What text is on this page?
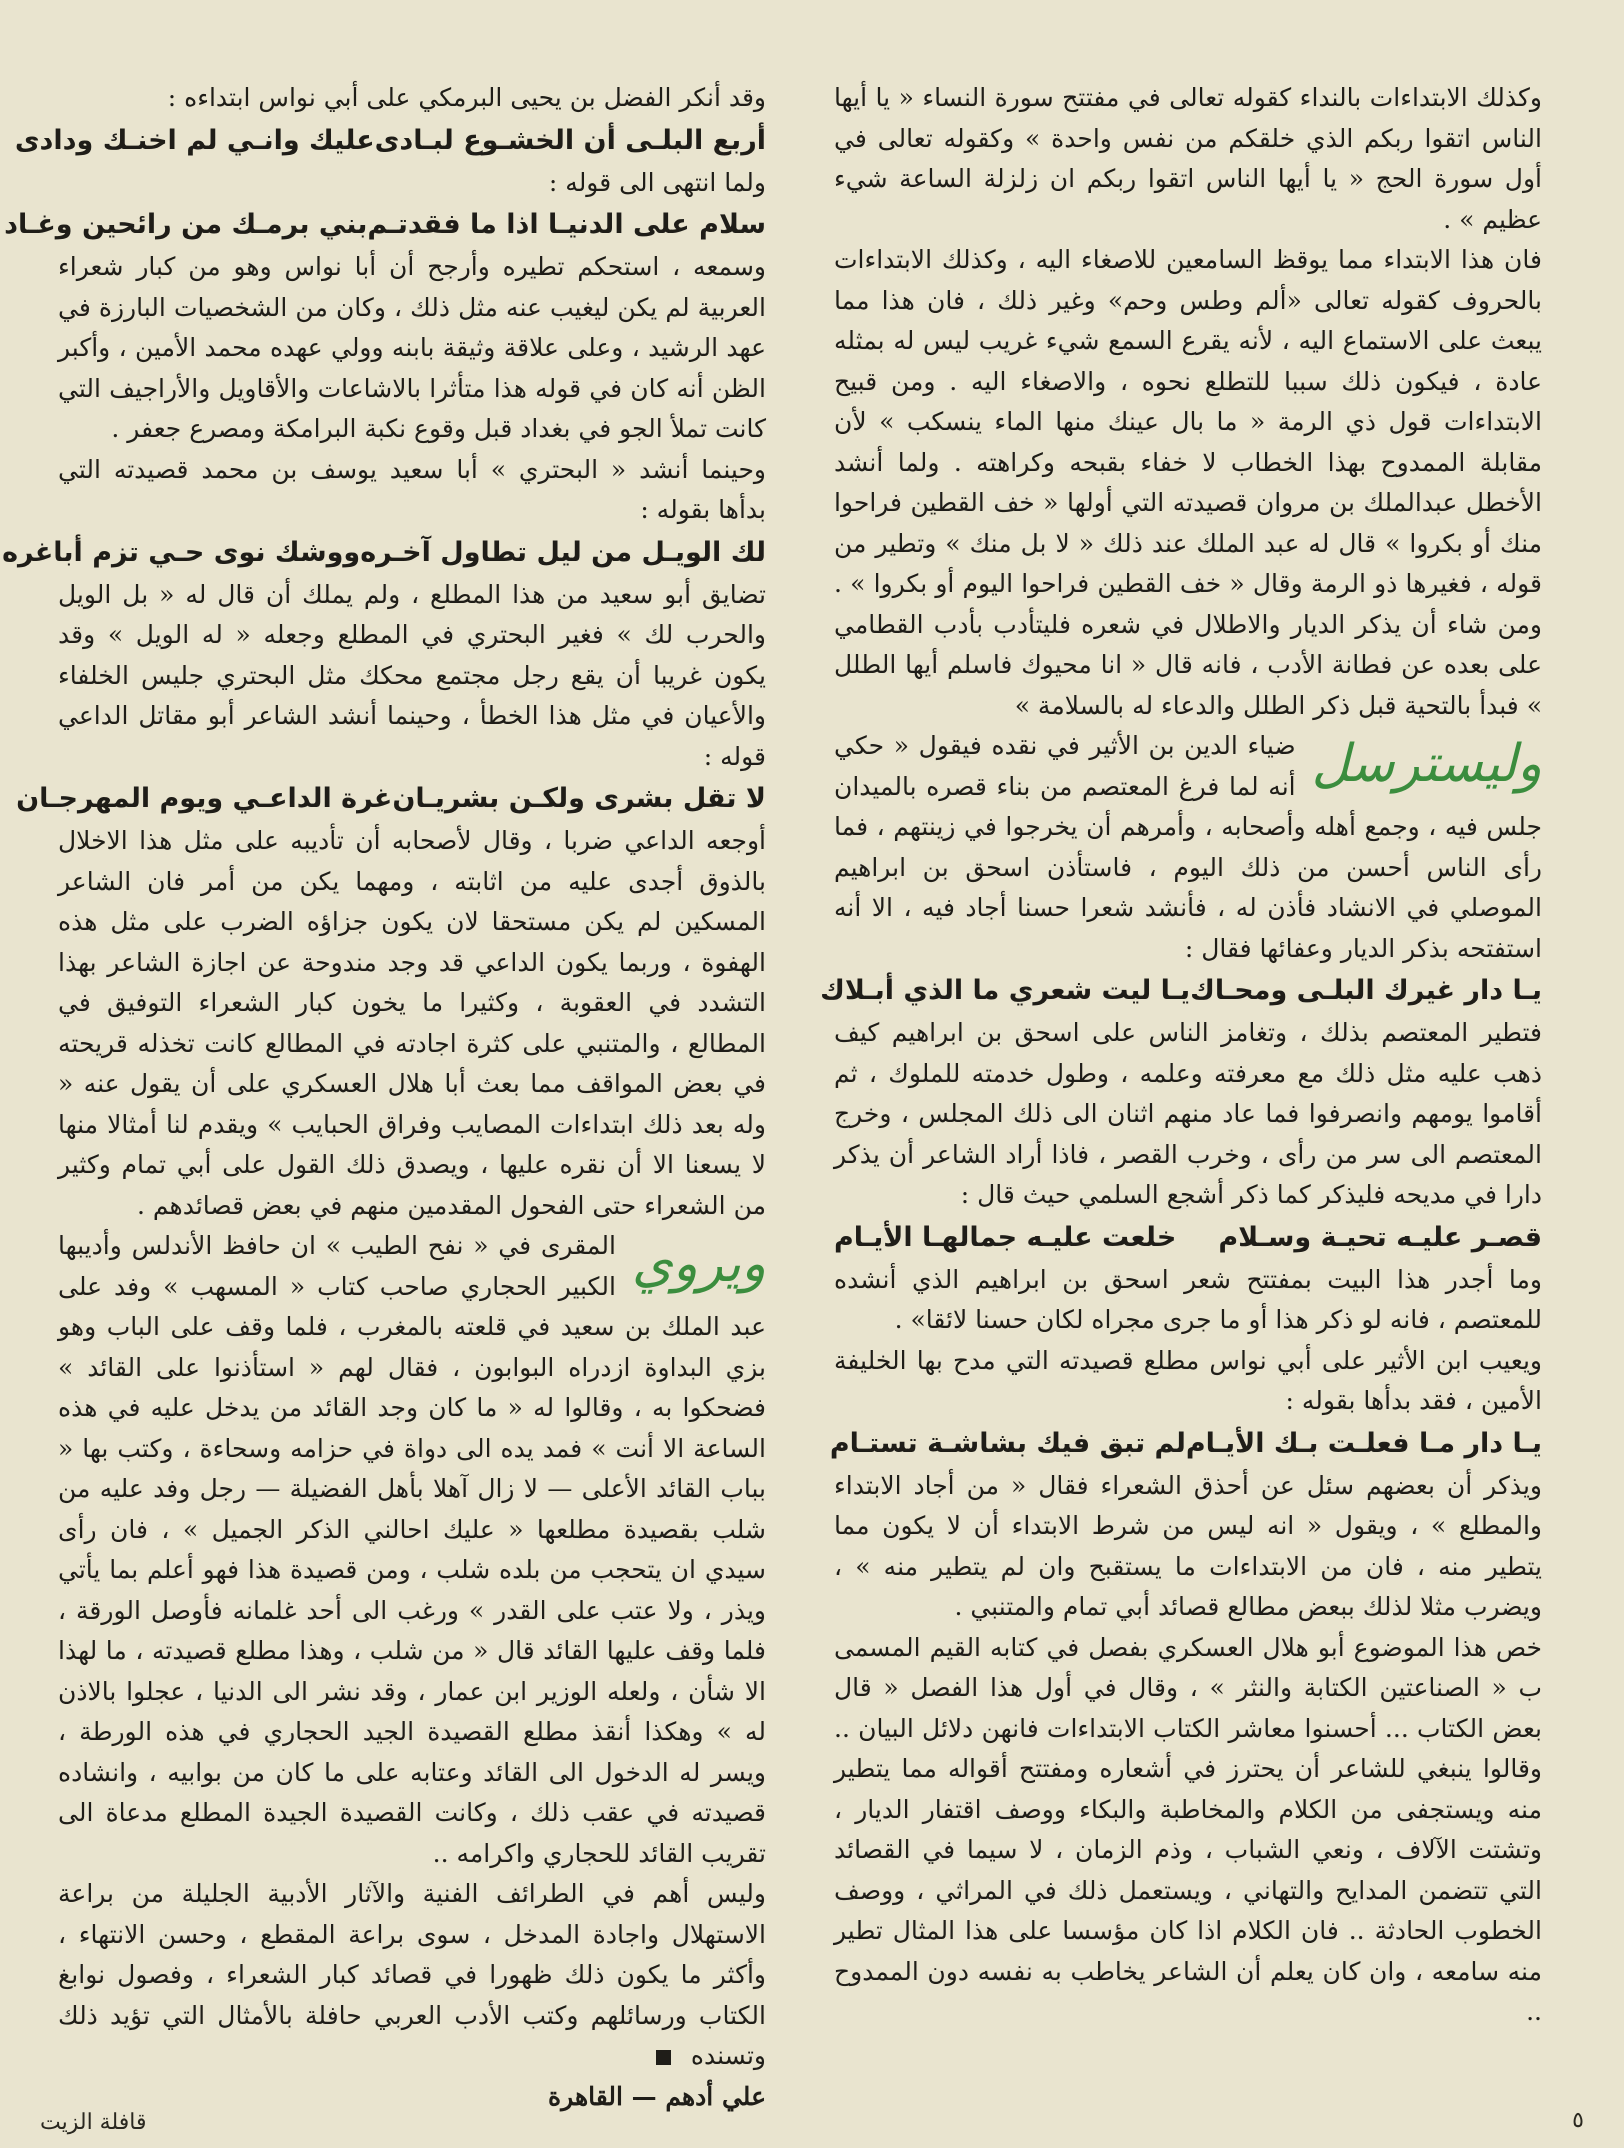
وكذلك الابتداءات بالنداء كقوله تعالى في مفتتح سورة النساء « يا أيها الناس اتقوا ربكم الذي خلقكم من نفس واحدة » وكقوله تعالى في أول سورة الحج « يا أيها الناس اتقوا ربكم ان زلزلة الساعة شيء عظيم » .

فان هذا الابتداء مما يوقظ السامعين للاصغاء اليه ، وكذلك الابتداءات بالحروف كقوله تعالى «ألم وطس وحم» وغير ذلك ، فان هذا مما يبعث على الاستماع اليه ، لأنه يقرع السمع شيء غريب ليس له بمثله عادة ، فيكون ذلك سببا للتطلع نحوه ، والاصغاء اليه . ومن قبيح الابتداءات قول ذي الرمة « ما بال عينك منها الماء ينسكب » لأن مقابلة الممدوح بهذا الخطاب لا خفاء بقبحه وكراهته . ولما أنشد الأخطل عبدالملك بن مروان قصيدته التي أولها « خف القطين فراحوا منك أو بكروا » قال له عبد الملك عند ذلك « لا بل منك » وتطير من قوله ، فغيرها ذو الرمة وقال « خف القطين فراحوا اليوم أو بكروا » . ومن شاء أن يذكر الديار والاطلال في شعره فليتأدب بأدب القطامي على بعده عن فطانة الأدب ، فانه قال « انا محيوك فاسلم أيها الطلل » فبدأ بالتحية قبل ذكر الطلل والدعاء له بالسلامة »

وليسترسل

ضياء الدين بن الأثير في نقده فيقول « حكي أنه لما فرغ المعتصم من بناء قصره بالميدان جلس فيه ، وجمع أهله وأصحابه ، وأمرهم أن يخرجوا في زينتهم ، فما رأى الناس أحسن من ذلك اليوم ، فاستأذن اسحق بن ابراهيم الموصلي في الانشاد فأذن له ، فأنشد شعرا حسنا أجاد فيه ، الا أنه استفتحه بذكر الديار وعفائها فقال :

يـا دار غيرك البلـى ومحـاك
يـا ليت شعري ما الذي أبـلاك

فتطير المعتصم بذلك ، وتغامز الناس على اسحق بن ابراهيم كيف ذهب عليه مثل ذلك مع معرفته وعلمه ، وطول خدمته للملوك ، ثم أقاموا يومهم وانصرفوا فما عاد منهم اثنان الى ذلك المجلس ، وخرج المعتصم الى سر من رأى ، وخرب القصر ، فاذا أراد الشاعر أن يذكر دارا في مديحه فليذكر كما ذكر أشجع السلمي حيث قال :

قصـر عليـه تحيـة وسـلام
خلعت عليـه جمالهـا الأيـام

وما أجدر هذا البيت بمفتتح شعر اسحق بن ابراهيم الذي أنشده للمعتصم ، فانه لو ذكر هذا أو ما جرى مجراه لكان حسنا لائقا» .

ويعيب ابن الأثير على أبي نواس مطلع قصيدته التي مدح بها الخليفة الأمين ، فقد بدأها بقوله :

يـا دار مـا فعلـت بـك الأيـام
لم تبق فيك بشاشـة تستـام

ويذكر أن بعضهم سئل عن أحذق الشعراء فقال « من أجاد الابتداء والمطلع » ، ويقول « انه ليس من شرط الابتداء أن لا يكون مما يتطير منه ، فان من الابتداءات ما يستقبح وان لم يتطير منه » ، ويضرب مثلا لذلك ببعض مطالع قصائد أبي تمام والمتنبي .

خص هذا الموضوع أبو هلال العسكري بفصل في كتابه القيم المسمى ب « الصناعتين الكتابة والنثر » ، وقال في أول هذا الفصل « قال بعض الكتاب ... أحسنوا معاشر الكتاب الابتداءات فانهن دلائل البيان .. وقالوا ينبغي للشاعر أن يحترز في أشعاره ومفتتح أقواله مما يتطير منه ويستجفى من الكلام والمخاطبة والبكاء ووصف اقتفار الديار ، وتشتت الآلاف ، ونعي الشباب ، وذم الزمان ، لا سيما في القصائد التي تتضمن المدايح والتهاني ، ويستعمل ذلك في المراثي ، ووصف الخطوب الحادثة .. فان الكلام اذا كان مؤسسا على هذا المثال تطير منه سامعه ، وان كان يعلم أن الشاعر يخاطب به نفسه دون الممدوح ..

وقد أنكر الفضل بن يحيى البرمكي على أبي نواس ابتداءه :

أربع البلـى أن الخشـوع لبـادى
عليك وانـي لم اخنـك ودادى

ولما انتهى الى قوله :

سلام على الدنيـا اذا ما فقدتـم
بني برمـك من رائحين وغـاد

وسمعه ، استحكم تطيره وأرجح أن أبا نواس وهو من كبار شعراء العربية لم يكن ليغيب عنه مثل ذلك ، وكان من الشخصيات البارزة في عهد الرشيد ، وعلى علاقة وثيقة بابنه وولي عهده محمد الأمين ، وأكبر الظن أنه كان في قوله هذا متأثرا بالاشاعات والأقاويل والأراجيف التي كانت تملأ الجو في بغداد قبل وقوع نكبة البرامكة ومصرع جعفر .

وحينما أنشد « البحتري » أبا سعيد يوسف بن محمد قصيدته التي بدأها بقوله :

لك الويـل من ليل تطاول آخـره
ووشك نوى حـي تزم أباغره

تضايق أبو سعيد من هذا المطلع ، ولم يملك أن قال له « بل الويل والحرب لك » فغير البحتري في المطلع وجعله « له الويل » وقد يكون غريبا أن يقع رجل مجتمع محكك مثل البحتري جليس الخلفاء والأعيان في مثل هذا الخطأ ، وحينما أنشد الشاعر أبو مقاتل الداعي قوله :

لا تقل بشرى ولكـن بشريـان
غرة الداعـي ويوم المهرجـان

أوجعه الداعي ضربا ، وقال لأصحابه أن تأديبه على مثل هذا الاخلال بالذوق أجدى عليه من اثابته ، ومهما يكن من أمر فان الشاعر المسكين لم يكن مستحقا لان يكون جزاؤه الضرب على مثل هذه الهفوة ، وربما يكون الداعي قد وجد مندوحة عن اجازة الشاعر بهذا التشدد في العقوبة ، وكثيرا ما يخون كبار الشعراء التوفيق في المطالع ، والمتنبي على كثرة اجادته في المطالع كانت تخذله قريحته في بعض المواقف مما بعث أبا هلال العسكري على أن يقول عنه « وله بعد ذلك ابتداءات المصايب وفراق الحبايب » ويقدم لنا أمثالا منها لا يسعنا الا أن نقره عليها ، ويصدق ذلك القول على أبي تمام وكثير من الشعراء حتى الفحول المقدمين منهم في بعض قصائدهم .

ويروي

المقرى في « نفح الطيب » ان حافظ الأندلس وأديبها الكبير الحجاري صاحب كتاب « المسهب » وفد على عبد الملك بن سعيد في قلعته بالمغرب ، فلما وقف على الباب وهو بزي البداوة ازدراه البوابون ، فقال لهم « استأذنوا على القائد » فضحكوا به ، وقالوا له « ما كان وجد القائد من يدخل عليه في هذه الساعة الا أنت » فمد يده الى دواة في حزامه وسحاءة ، وكتب بها « بباب القائد الأعلى — لا زال آهلا بأهل الفضيلة — رجل وفد عليه من شلب بقصيدة مطلعها « عليك احالني الذكر الجميل » ، فان رأى سيدي ان يتحجب من بلده شلب ، ومن قصيدة هذا فهو أعلم بما يأتي ويذر ، ولا عتب على القدر » ورغب الى أحد غلمانه فأوصل الورقة ، فلما وقف عليها القائد قال « من شلب ، وهذا مطلع قصيدته ، ما لهذا الا شأن ، ولعله الوزير ابن عمار ، وقد نشر الى الدنيا ، عجلوا بالاذن له » وهكذا أنقذ مطلع القصيدة الجيد الحجاري في هذه الورطة ، ويسر له الدخول الى القائد وعتابه على ما كان من بوابيه ، وانشاده قصيدته في عقب ذلك ، وكانت القصيدة الجيدة المطلع مدعاة الى تقريب القائد للحجاري واكرامه ..

وليس أهم في الطرائف الفنية والآثار الأدبية الجليلة من براعة الاستهلال واجادة المدخل ، سوى براعة المقطع ، وحسن الانتهاء ، وأكثر ما يكون ذلك ظهورا في قصائد كبار الشعراء ، وفصول نوابغ الكتاب ورسائلهم وكتب الأدب العربي حافلة بالأمثال التي تؤيد ذلك وتسنده

علي أدهم — القاهرة

قافلة الزيت	٥
